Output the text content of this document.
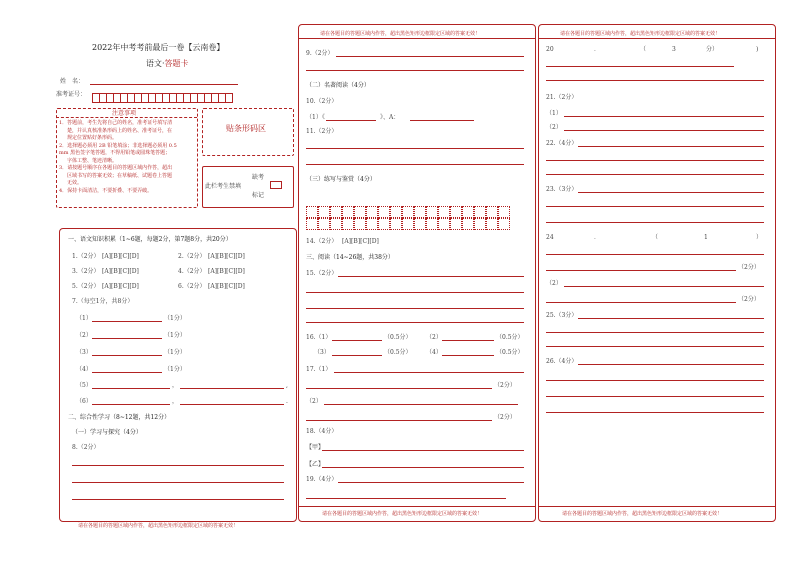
2022年中考考前最后一卷【云南卷】
语文·答题卡
姓　名：
准考证号：
注意事项
1．答题前，考生先将自己的姓名，准考证号填写清
楚，并认真核准条形码上的姓名、准考证号，在
规定位置贴好条形码。
2．选择题必须用 2B 铅笔填涂；非选择题必须用 0.5
mm 黑色签字笔答题，不得用铅笔或圆珠笔答题；
字体工整、笔迹清晰。
3．请按题号顺序在各题目的答题区域内作答，超出
区域书写的答案无效；在草稿纸、试题卷上答题
无效。
4．保持卡面清洁，不要折叠、不要弄破。
贴条形码区
此栏考生禁填
缺考
标记
一、语文知识积累（1~6题，每题2分，第7题8分，共20分）
1.（2分） [A][B][C][D]	2.（2分） [A][B][C][D]
3.（2分） [A][B][C][D]	4.（2分） [A][B][C][D]
5.（2分） [A][B][C][D]	6.（2分） [A][B][C][D]
7.（每空1分，共8分）
（1）	（1分）
（2）	（1分）
（3）	（1分）
（4）	（1分）
（5）	，	,
（6）	，	.
二、综合性学习（8~12题，共12分）
（一）学习与探究（4分）
8.（2分）
请在各题目的答题区域内作答，超出黑色矩形边框限定区域的答案无效！
请在各题目的答题区域内作答，超出黑色矩形边框限定区域的答案无效！
9.（2分）
（二）名著阅读（4分）
10.（2分）
（1）《	》、A：
11.（2分）
（三）练写与鉴赏（4分）
14.（2分） [A][B][C][D]
三、阅读（14~26题，共38分）
15.（2分）
16.（1）	（0.5分） （2）	（0.5分）
（3）	（0.5分） （4）	（0.5分）
17.（1）
（2分）
（2）
（2分）
18.（4分）
【甲】
【乙】
19.（4分）
请在各题目的答题区域内作答，超出黑色矩形边框限定区域的答案无效！
请在各题目的答题区域内作答，超出黑色矩形边框限定区域的答案无效！
20	．	（	3	分）	)
21.（2分）
（1）
（2）
22.（4分）
23.（3分）
24	．	（	1	）
（2分）
（2）
（2分）
25.（3分）
26.（4分）
请在各题目的答题区域内作答，超出黑色矩形边框限定区域的答案无效！
